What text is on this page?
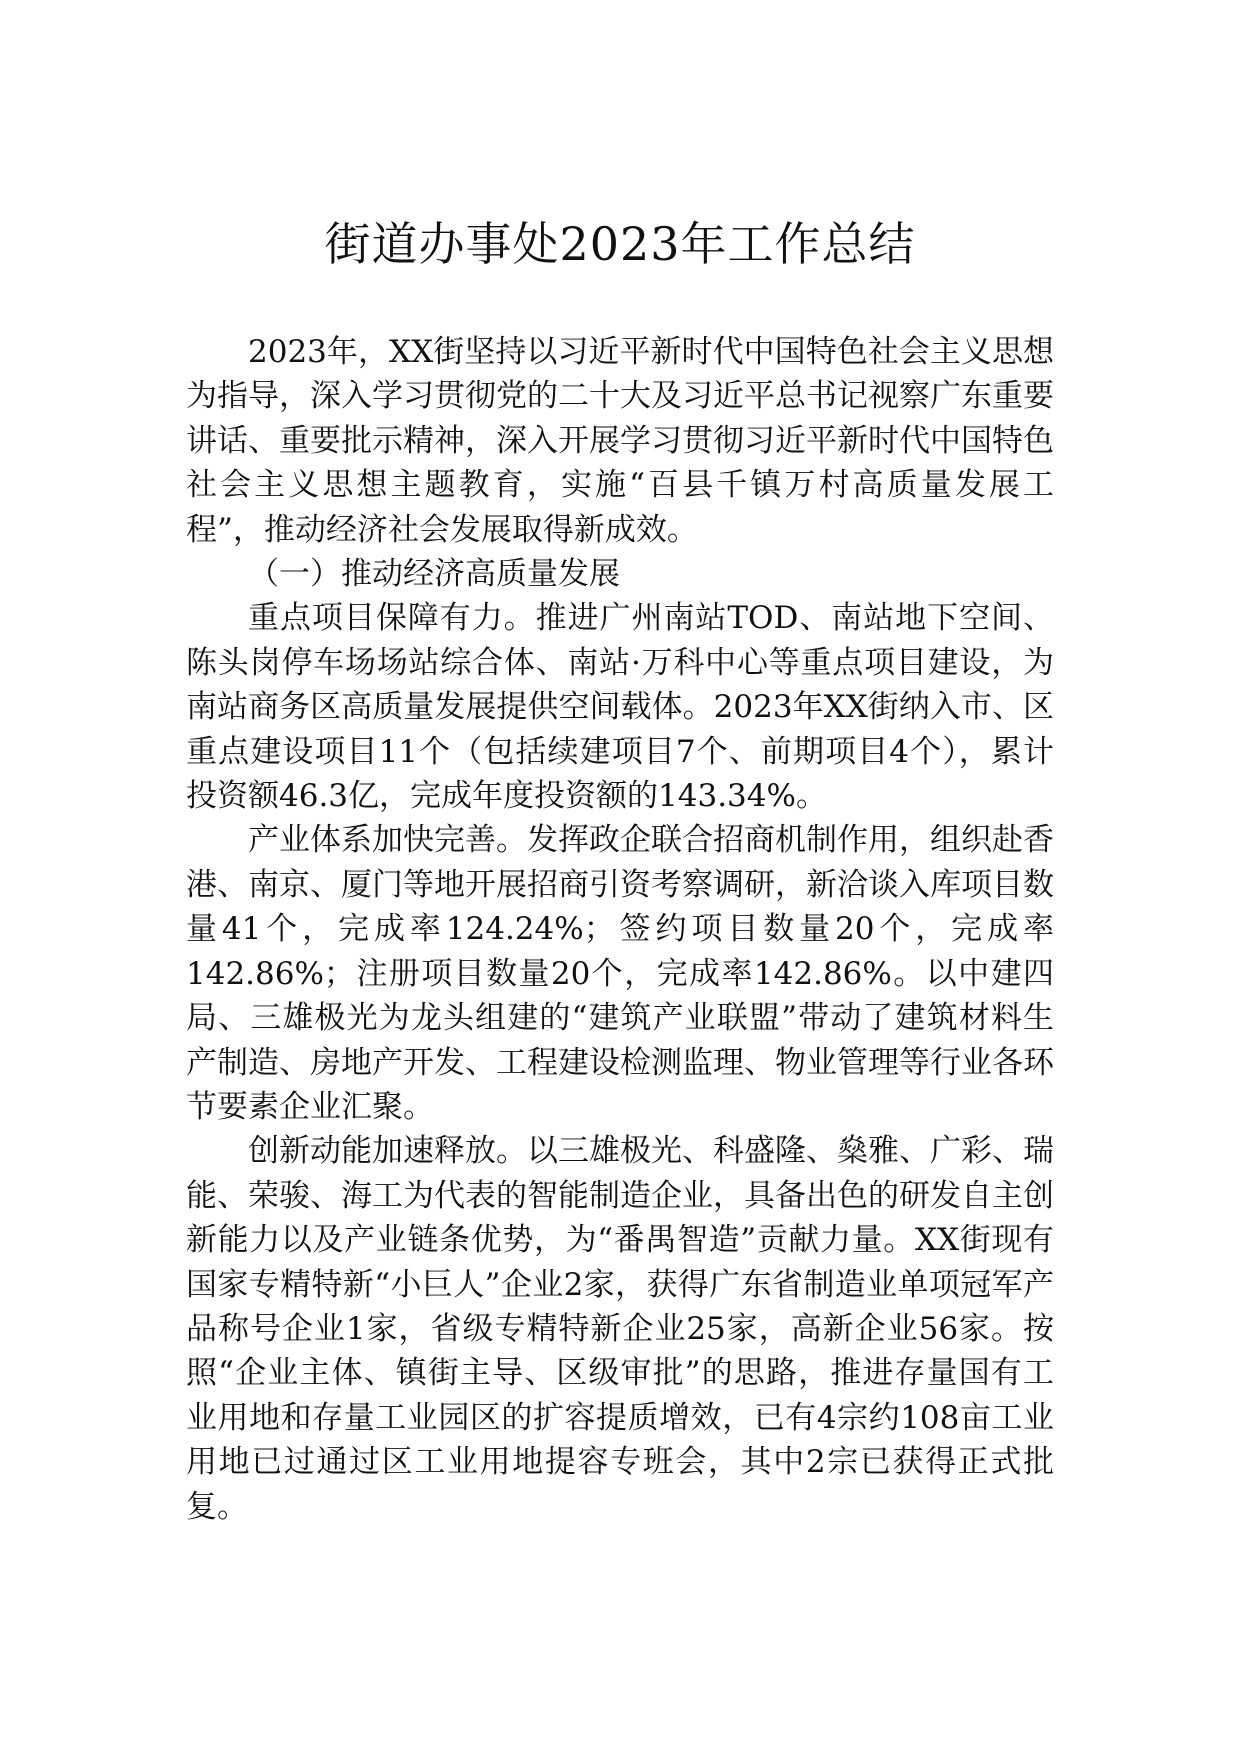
街道办事处2023年工作总结

2023年，XX街坚持以习近平新时代中国特色社会主义思想为指导，深入学习贯彻党的二十大及习近平总书记视察广东重要讲话、重要批示精神，深入开展学习贯彻习近平新时代中国特色社会主义思想主题教育，实施“百县千镇万村高质量发展工程”，推动经济社会发展取得新成效。

（一）推动经济高质量发展

重点项目保障有力。推进广州南站TOD、南站地下空间、陈头岗停车场场站综合体、南站·万科中心等重点项目建设，为南站商务区高质量发展提供空间载体。2023年XX街纳入市、区重点建设项目11个（包括续建项目7个、前期项目4个），累计投资额46.3亿，完成年度投资额的143.34%。

产业体系加快完善。发挥政企联合招商机制作用，组织赴香港、南京、厦门等地开展招商引资考察调研，新洽谈入库项目数量41个，完成率124.24%；签约项目数量20个，完成率142.86%；注册项目数量20个，完成率142.86%。以中建四局、三雄极光为龙头组建的“建筑产业联盟”带动了建筑材料生产制造、房地产开发、工程建设检测监理、物业管理等行业各环节要素企业汇聚。

创新动能加速释放。以三雄极光、科盛隆、燊雅、广彩、瑞能、荣骏、海工为代表的智能制造企业，具备出色的研发自主创新能力以及产业链条优势，为“番禺智造”贡献力量。XX街现有国家专精特新“小巨人”企业2家，获得广东省制造业单项冠军产品称号企业1家，省级专精特新企业25家，高新企业56家。按照“企业主体、镇街主导、区级审批”的思路，推进存量国有工业用地和存量工业园区的扩容提质增效，已有4宗约108亩工业用地已过通过区工业用地提容专班会，其中2宗已获得正式批复。
